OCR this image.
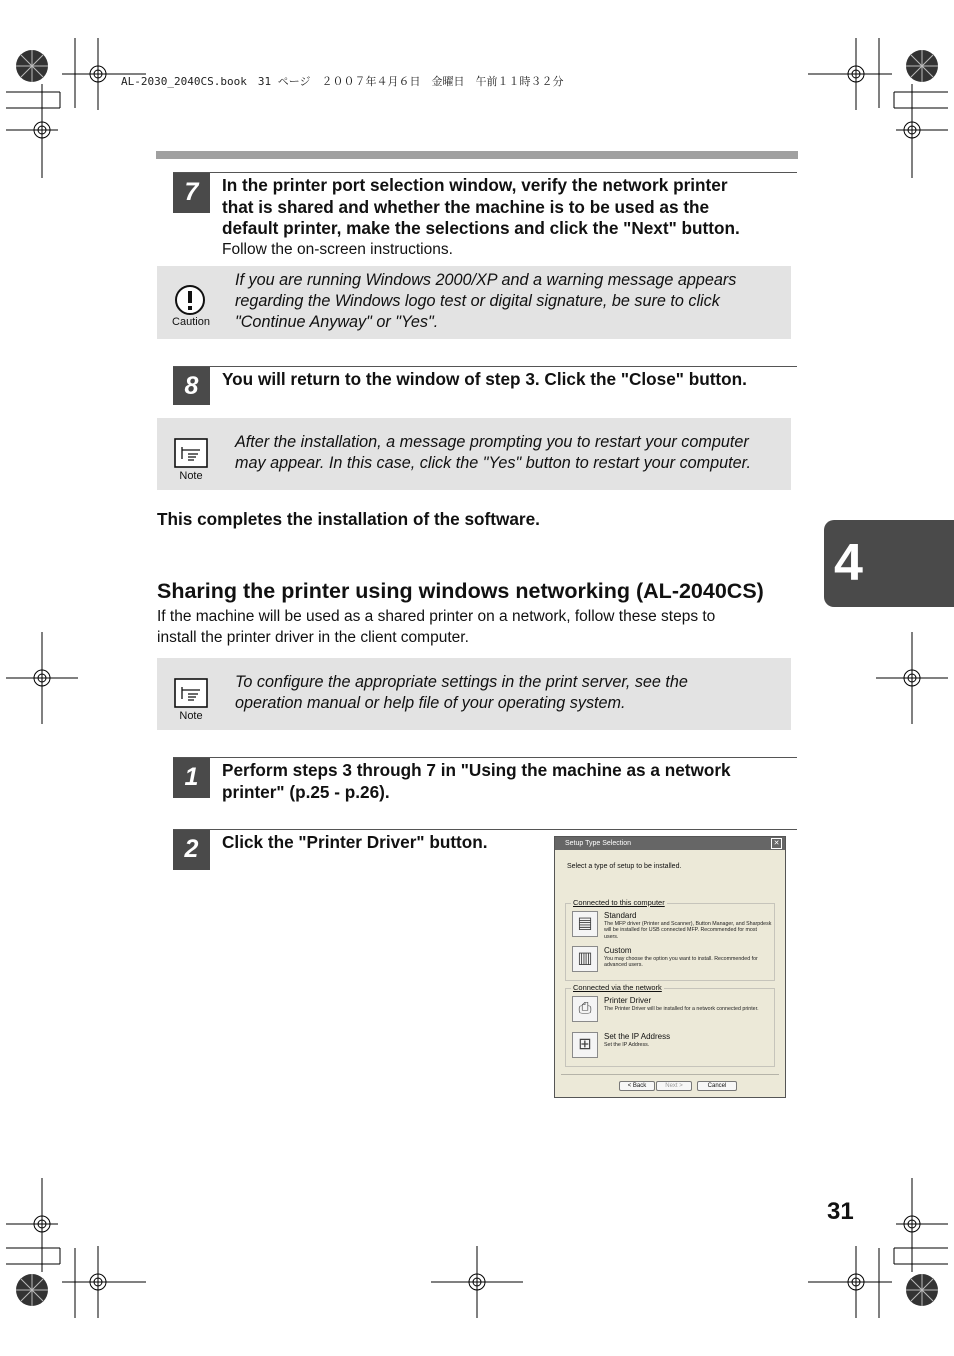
AL-2030_2040CS.book　31 ページ　２００７年４月６日　金曜日　午前１１時３２分
7	In the printer port selection window, verify the network printer
that is shared and whether the machine is to be used as the
default printer, make the selections and click the "Next" button.
Follow the on-screen instructions.
Caution
If you are running Windows 2000/XP and a warning message appears
regarding the Windows logo test or digital signature, be sure to click
"Continue Anyway" or "Yes".
8	You will return to the window of step 3. Click the "Close" button.
Note
After the installation, a message prompting you to restart your computer
may appear. In this case, click the "Yes" button to restart your computer.
This completes the installation of the software.
4
Sharing the printer using windows networking (AL-2040CS)
If the machine will be used as a shared printer on a network, follow these steps to
install the printer driver in the client computer.
Note
To configure the appropriate settings in the print server, see the
operation manual or help file of your operating system.
1	Perform steps 3 through 7 in "Using the machine as a network
printer" (p.25 - p.26).
2	Click the "Printer Driver" button.	Setup Type Selection	✕
Select a type of setup to be installed.
Connected to this computer
▤	Standard
The MFP driver (Printer and Scanner), Button Manager, and Sharpdesk will be installed for USB connected MFP. Recommended for most users.
▥	Custom
You may choose the option you want to install. Recommended for advanced users.
Connected via the network
⎙	Printer Driver
The Printer Driver will be installed for a network connected printer.
⊞	Set the IP Address
Set the IP Address.
< Back	Next >	Cancel
31
